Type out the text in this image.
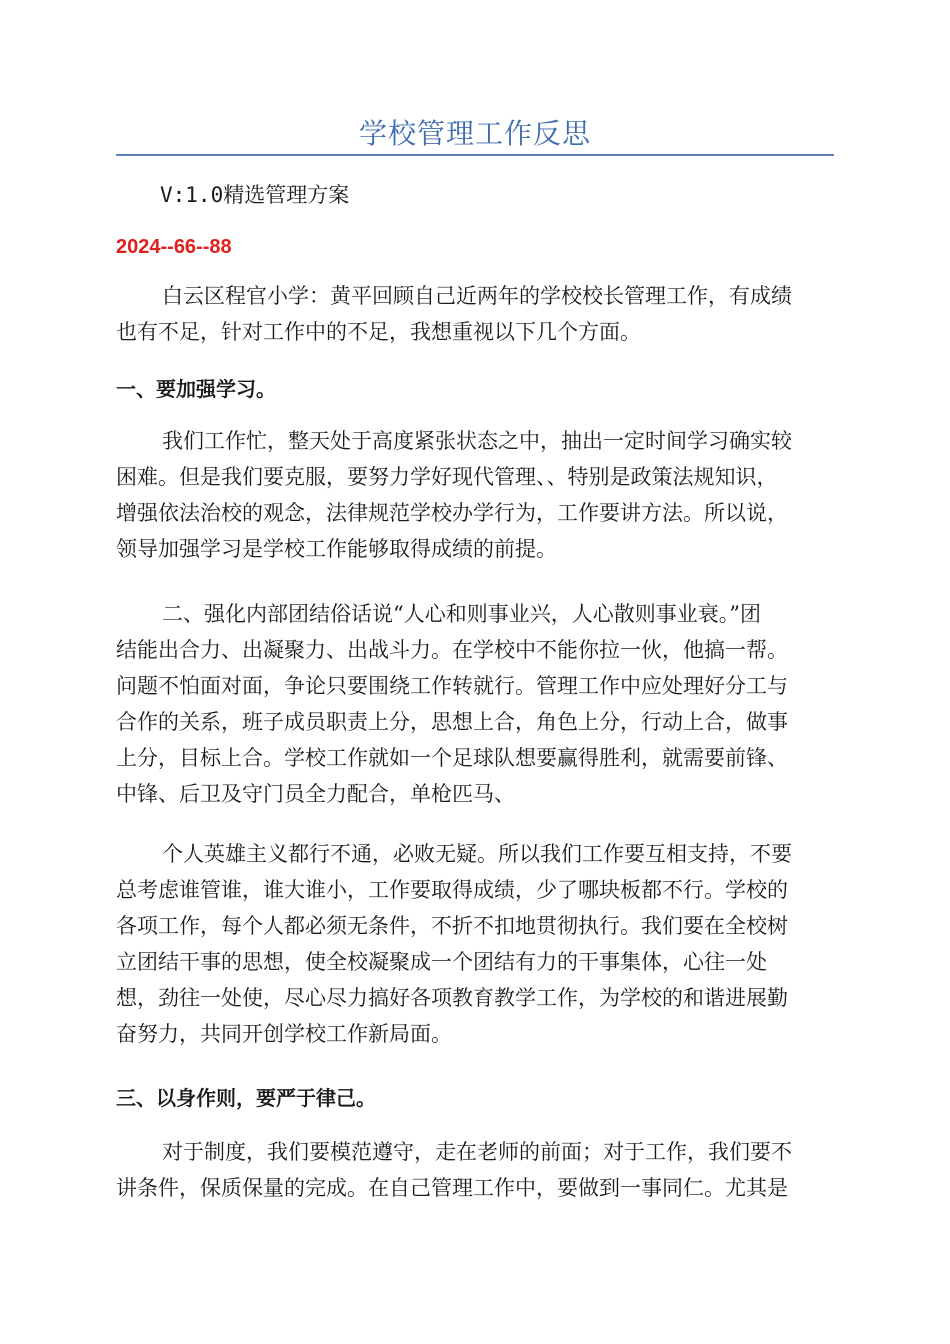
学校管理工作反思
V:1.0精选管理方案
2024--66--88

白云区程官小学：黄平回顾自己近两年的学校校长管理工作，有成绩
也有不足，针对工作中的不足，我想重视以下几个方面。

一、要加强学习。

我们工作忙，整天处于高度紧张状态之中，抽出一定时间学习确实较
困难。但是我们要克服，要努力学好现代管理、、特别是政策法规知识，
增强依法治校的观念，法律规范学校办学行为，工作要讲方法。所以说，
领导加强学习是学校工作能够取得成绩的前提。

二、强化内部团结俗话说“人心和则事业兴，人心散则事业衰。”团
结能出合力、出凝聚力、出战斗力。在学校中不能你拉一伙，他搞一帮。
问题不怕面对面，争论只要围绕工作转就行。管理工作中应处理好分工与
合作的关系，班子成员职责上分，思想上合，角色上分，行动上合，做事
上分，目标上合。学校工作就如一个足球队想要赢得胜利，就需要前锋、
中锋、后卫及守门员全力配合，单枪匹马、

个人英雄主义都行不通，必败无疑。所以我们工作要互相支持，不要
总考虑谁管谁，谁大谁小，工作要取得成绩，少了哪块板都不行。学校的
各项工作，每个人都必须无条件，不折不扣地贯彻执行。我们要在全校树
立团结干事的思想，使全校凝聚成一个团结有力的干事集体，心往一处
想，劲往一处使，尽心尽力搞好各项教育教学工作，为学校的和谐进展勤
奋努力，共同开创学校工作新局面。

三、以身作则，要严于律己。

对于制度，我们要模范遵守，走在老师的前面；对于工作，我们要不
讲条件，保质保量的完成。在自己管理工作中，要做到一事同仁。尤其是
